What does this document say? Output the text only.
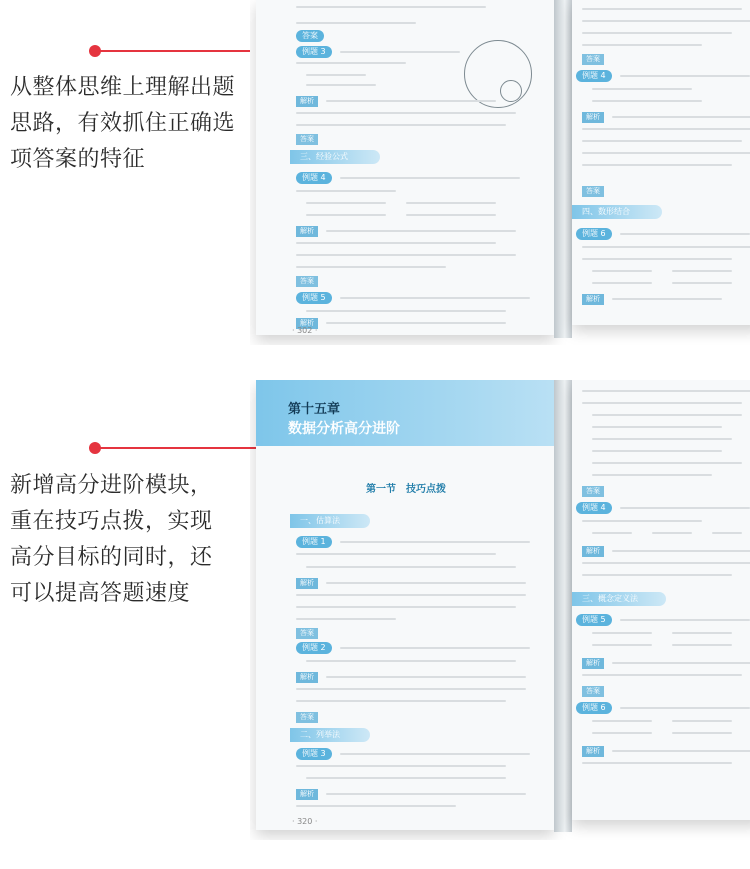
从整体思维上理解出题
思路，有效抓住正确选
项答案的特征

答案
例题 3
解析
答案
三、经验公式
例题 4
解析
答案
例题 5
解析
· 302 ·
答案
例题 4
解析
答案
四、数形结合
例题 6
解析

新增高分进阶模块，
重在技巧点拨，实现
高分目标的同时，还
可以提高答题速度

第十五章
数据分析高分进阶
第一节　技巧点拨
一、估算法
例题 1
解析
答案
例题 2
解析
答案
二、列举法
例题 3
解析
· 320 ·
答案
例题 4
解析
三、概念定义法
例题 5
解析
答案
例题 6
解析
